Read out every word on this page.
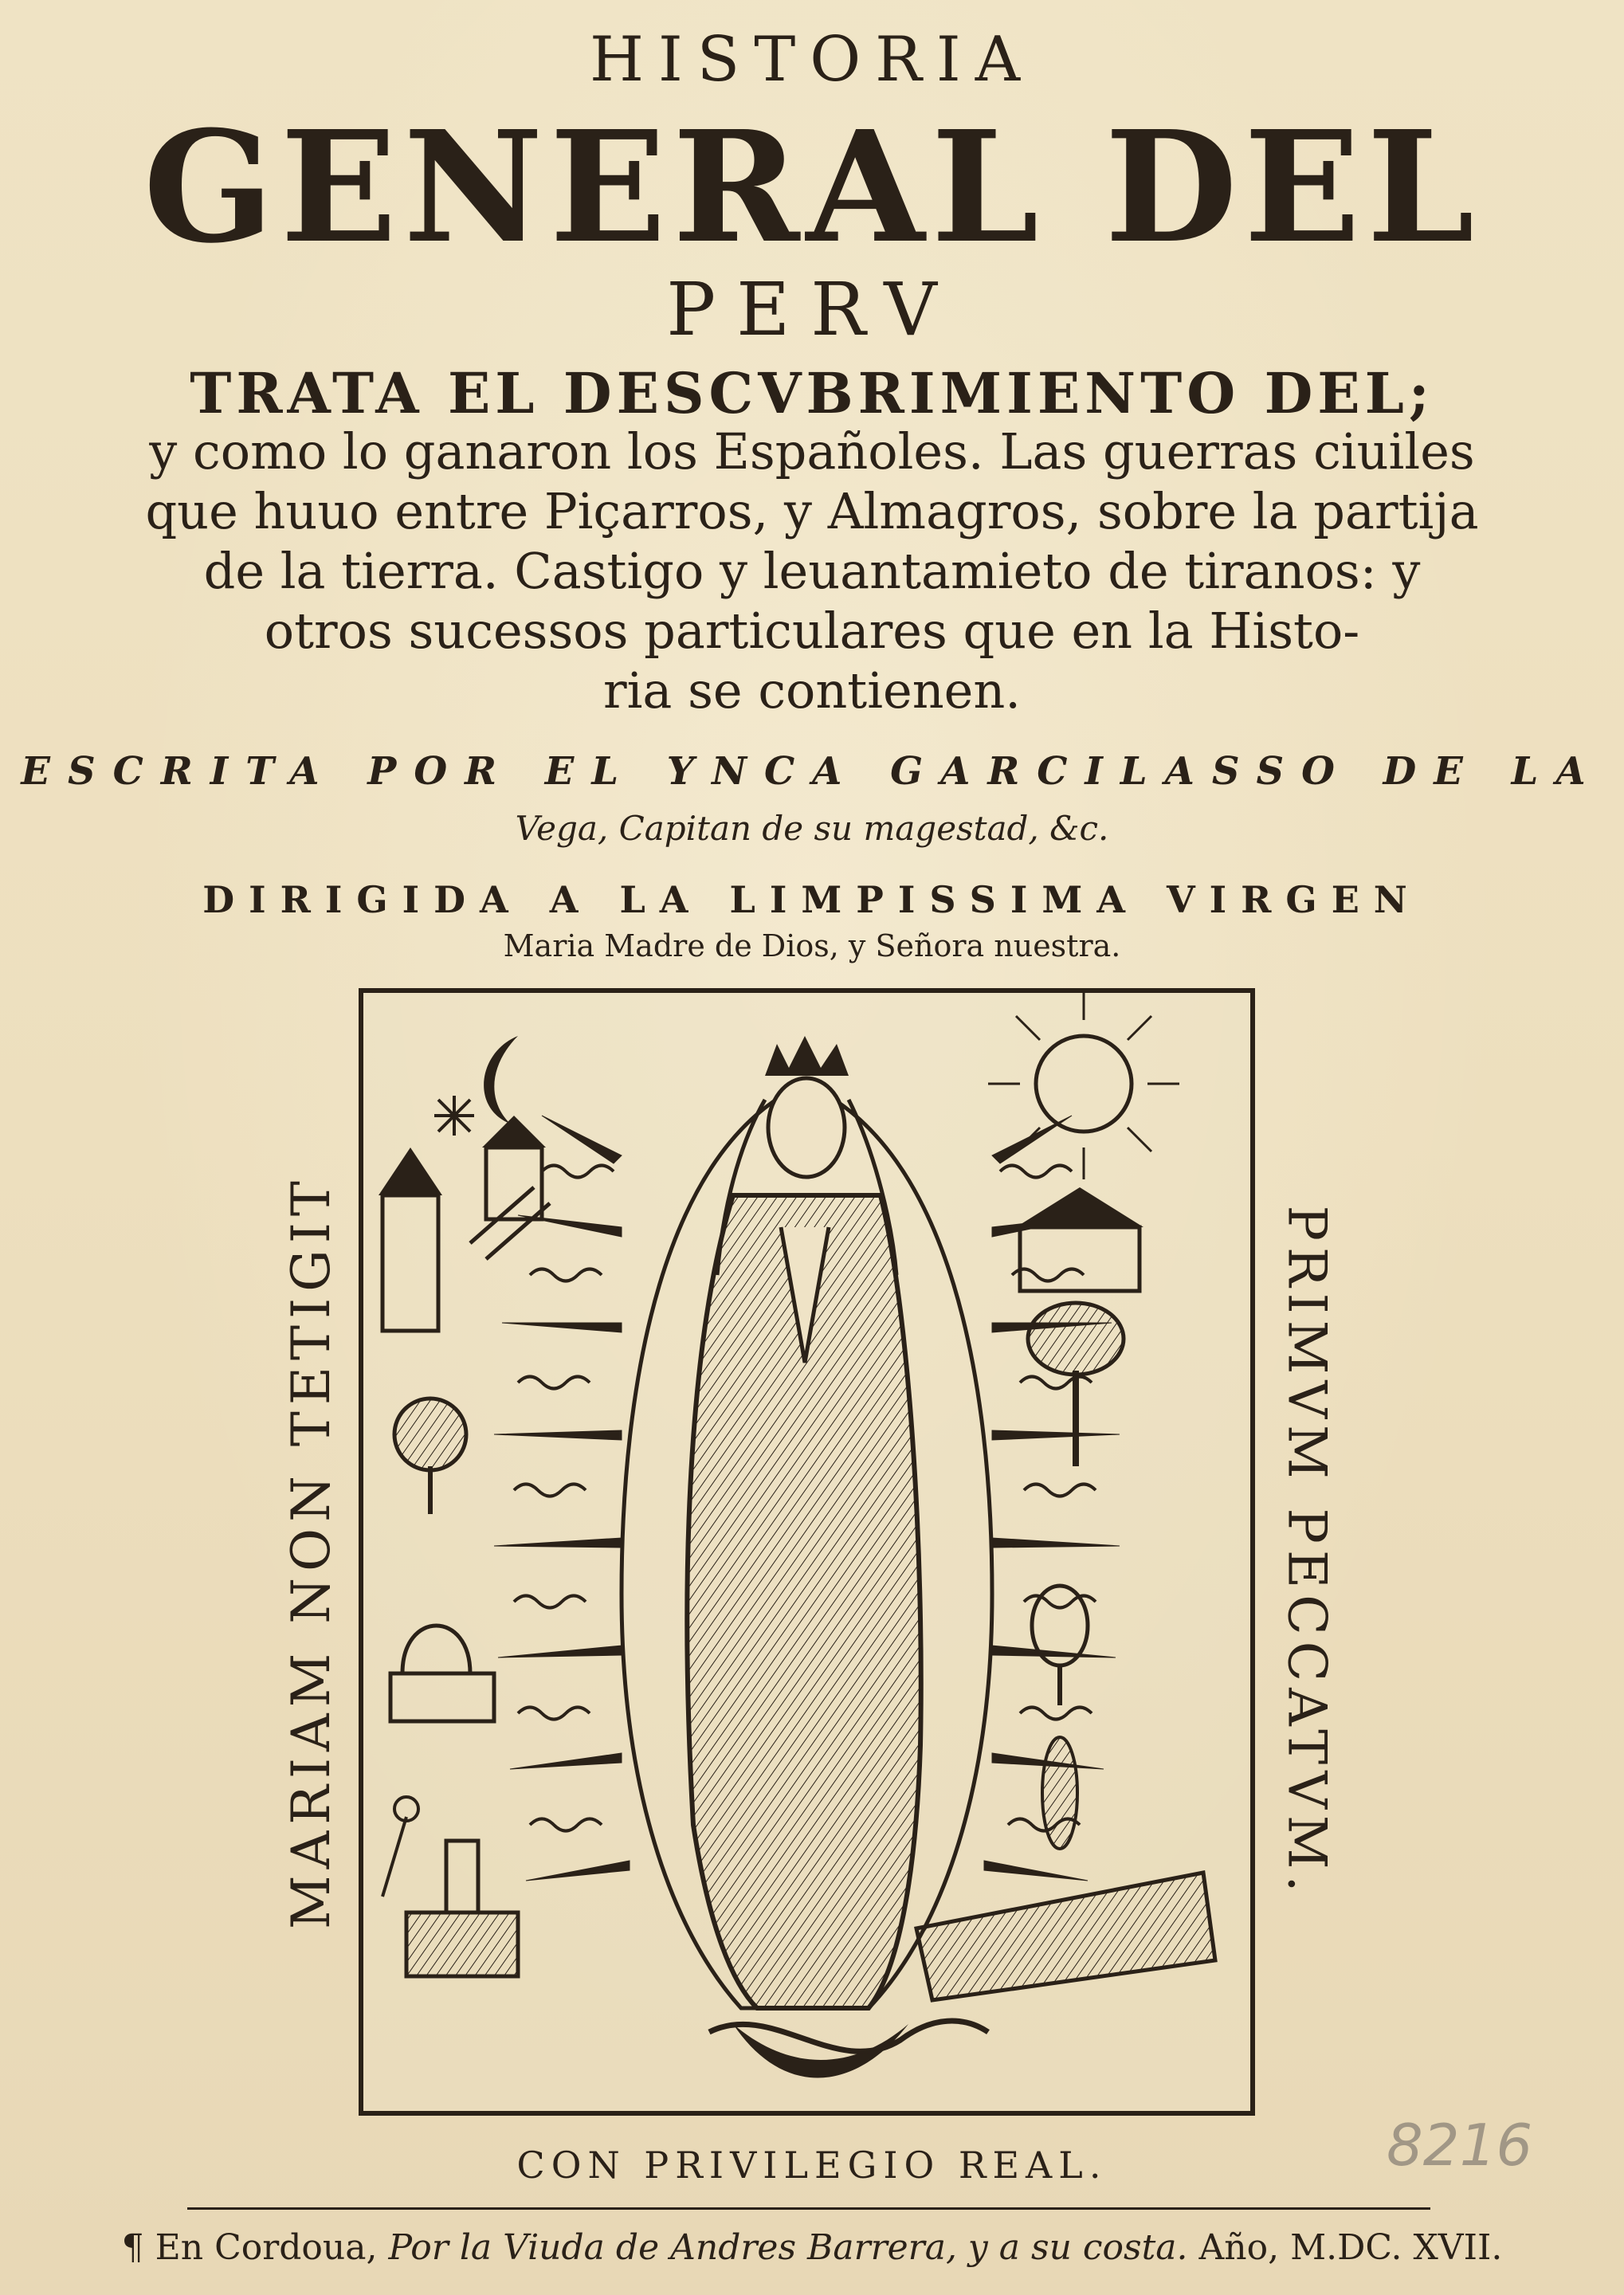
HISTORIA
GENERAL DEL
PERV
TRATA EL DESCVBRIMIENTO DEL;
y como lo ganaron los Españoles. Las guerras ciuiles
que huuo entre Piçarros, y Almagros, sobre la partija
de la tierra. Castigo y leuantamieto de tiranos: y
otros sucessos particulares que en la Histo-
ria se contienen.
ESCRITA POR EL YNCA GARCILASSO DE LA
Vega, Capitan de su magestad, &c.
DIRIGIDA A LA LIMPISSIMA VIRGEN
Maria Madre de Dios, y Señora nuestra.
MARIAM NON TETIGIT	PRIMVM PECCATVM.
CON PRIVILEGIO REAL.
¶ En Cordoua, Por la Viuda de Andres Barrera, y a su costa. Año, M.DC. XVII.
8216
